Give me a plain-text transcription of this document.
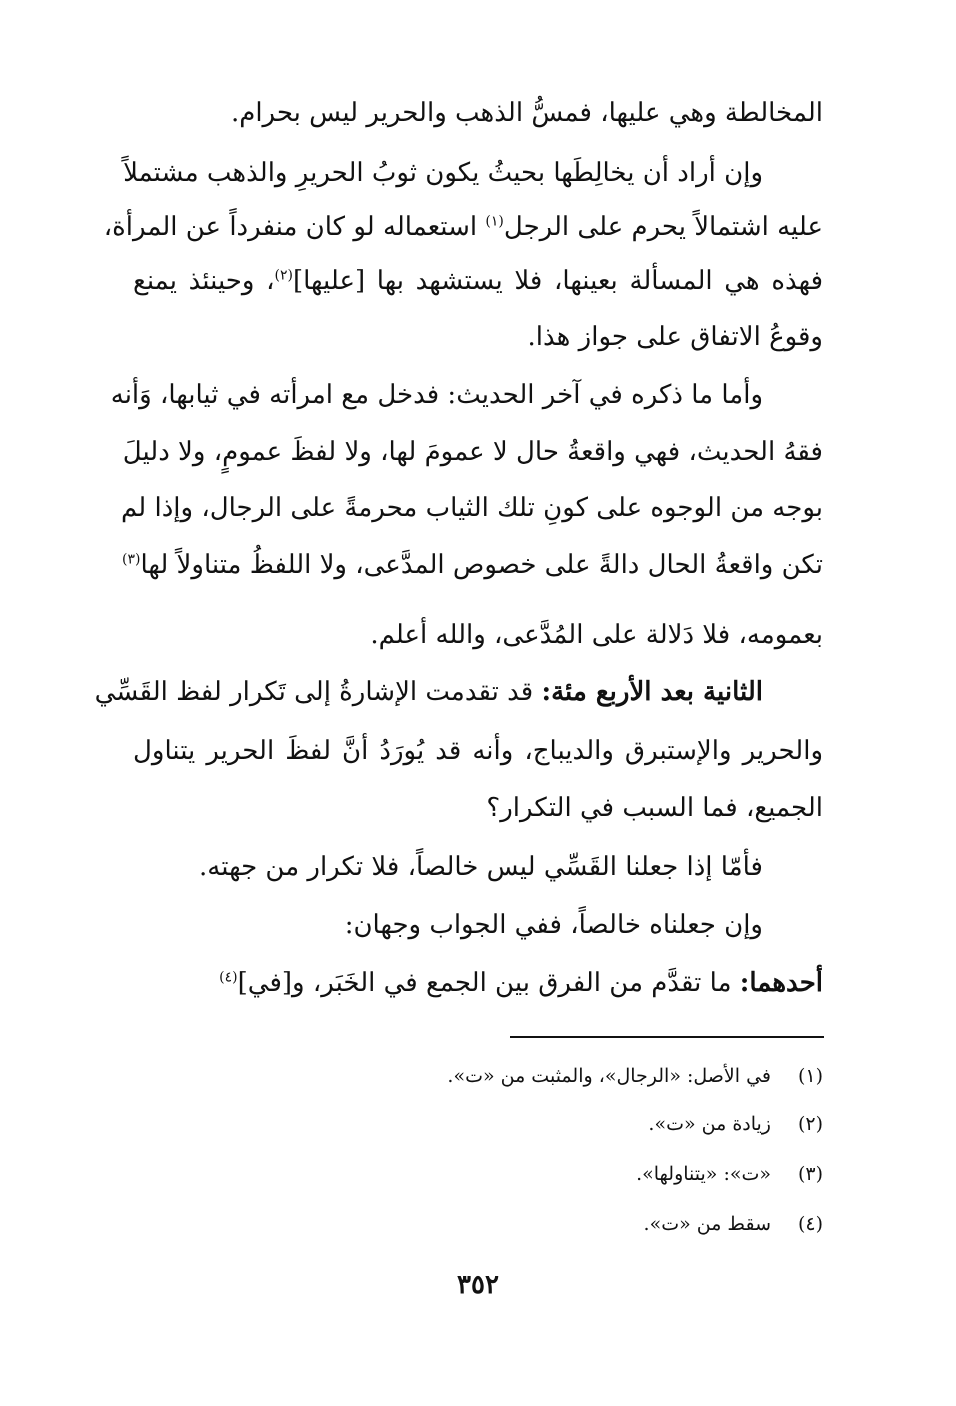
المخالطة وهي عليها، فمسُّ الذهب والحرير ليس بحرام.
وإن أراد أن يخالِطَها بحيثُ يكون ثوبُ الحريرِ والذهب مشتملاً
عليه اشتمالاً يحرم على الرجل$^{(١)}$ استعماله لو كان منفرداً عن المرأة،
فهذه هي المسألة بعينها، فلا يستشهد بها [عليها]$^{(٢)}$، وحينئذ يمنع
وقوعُ الاتفاق على جواز هذا.
وأما ما ذكره في آخر الحديث: فدخل مع امرأته في ثيابها، وَأنه
فقهُ الحديث، فهي واقعةُ حال لا عمومَ لها، ولا لفظَ عمومٍ، ولا دليلَ
بوجه من الوجوه على كونِ تلك الثياب محرمةً على الرجال، وإذا لم
تكن واقعةُ الحال دالةً على خصوص المدَّعى، ولا اللفظُ متناولاً لها$^{(٣)}$
بعمومه، فلا دَلالة على المُدَّعى، والله أعلم.
الثانية بعد الأربع مئة: قد تقدمت الإشارةُ إلى تَكرار لفظ القَسِّي
والحرير والإستبرق والديباج، وأنه قد يُورَدُ أنَّ لفظَ الحرير يتناول
الجميع، فما السبب في التكرار؟
فأمّا إذا جعلنا القَسِّي ليس خالصاً، فلا تكرار من جهته.
وإن جعلناه خالصاً، ففي الجواب وجهان:
أحدهما: ما تقدَّم من الفرق بين الجمع في الخَبَر، و[في]$^{(٤)}$
(١)في الأصل: «الرجال»، والمثبت من «ت».
(٢)زيادة من «ت».
(٣)«ت»: «يتناولها».
(٤)سقط من «ت».
٣٥٢
